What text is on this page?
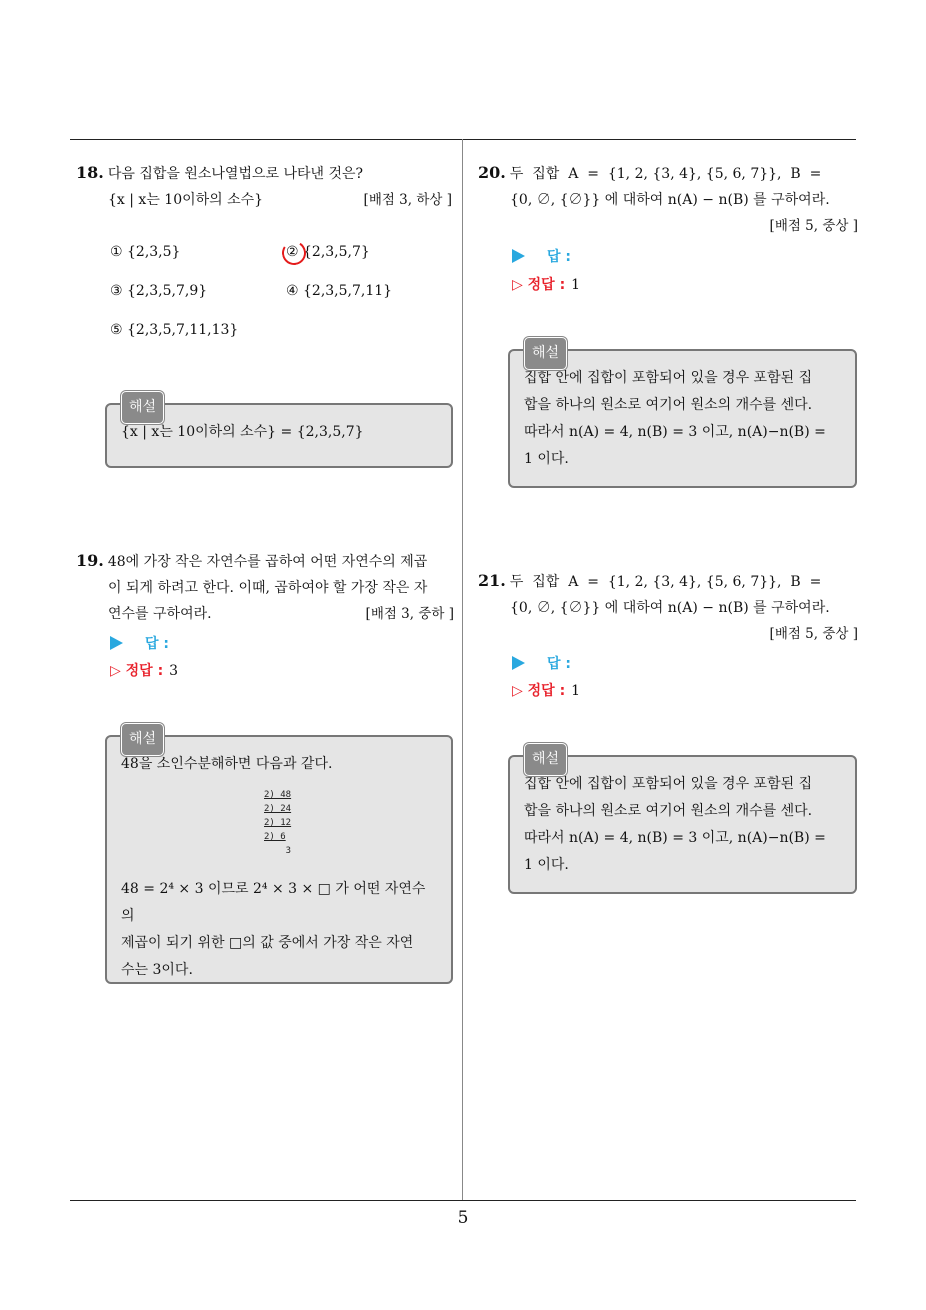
5
18. 다음 집합을 원소나열법으로 나타낸 것은?
{x | x는 10이하의 소수}	[배점 3, 하상 ]
① {2,3,5}	② {2,3,5,7}
③ {2,3,5,7,9}	④ {2,3,5,7,11}
⑤ {2,3,5,7,11,13}
해설

{x | x는 10이하의 소수} = {2,3,5,7}

19. 48에 가장 작은 자연수를 곱하여 어떤 자연수의 제곱
이 되게 하려고 한다. 이때, 곱하여야 할 가장 작은 자
연수를 구하여라.	[배점 3, 중하 ]
답 :
▷ 정답 : 3
해설

48을 소인수분해하면 다음과 같다.

2) 48
2) 24
2) 12
2) 6
3

48 = 2⁴ × 3 이므로 2⁴ × 3 × □ 가 어떤 자연수의

제곱이 되기 위한 □의 값 중에서 가장 작은 자연

수는 3이다.

20. 두  집합  A  =  {1, 2, {3, 4}, {5, 6, 7}},  B  =
{0, ∅, {∅}} 에 대하여 n(A) − n(B) 를 구하여라.
[배점 5, 중상 ]
답 :
▷ 정답 : 1
해설

집합 안에 집합이 포함되어 있을 경우 포함된 집

합을 하나의 원소로 여기어 원소의 개수를 센다.

따라서 n(A) = 4, n(B) = 3 이고, n(A)−n(B) =

1 이다.

21. 두  집합  A  =  {1, 2, {3, 4}, {5, 6, 7}},  B  =
{0, ∅, {∅}} 에 대하여 n(A) − n(B) 를 구하여라.
[배점 5, 중상 ]
답 :
▷ 정답 : 1
해설

집합 안에 집합이 포함되어 있을 경우 포함된 집

합을 하나의 원소로 여기어 원소의 개수를 센다.

따라서 n(A) = 4, n(B) = 3 이고, n(A)−n(B) =

1 이다.
